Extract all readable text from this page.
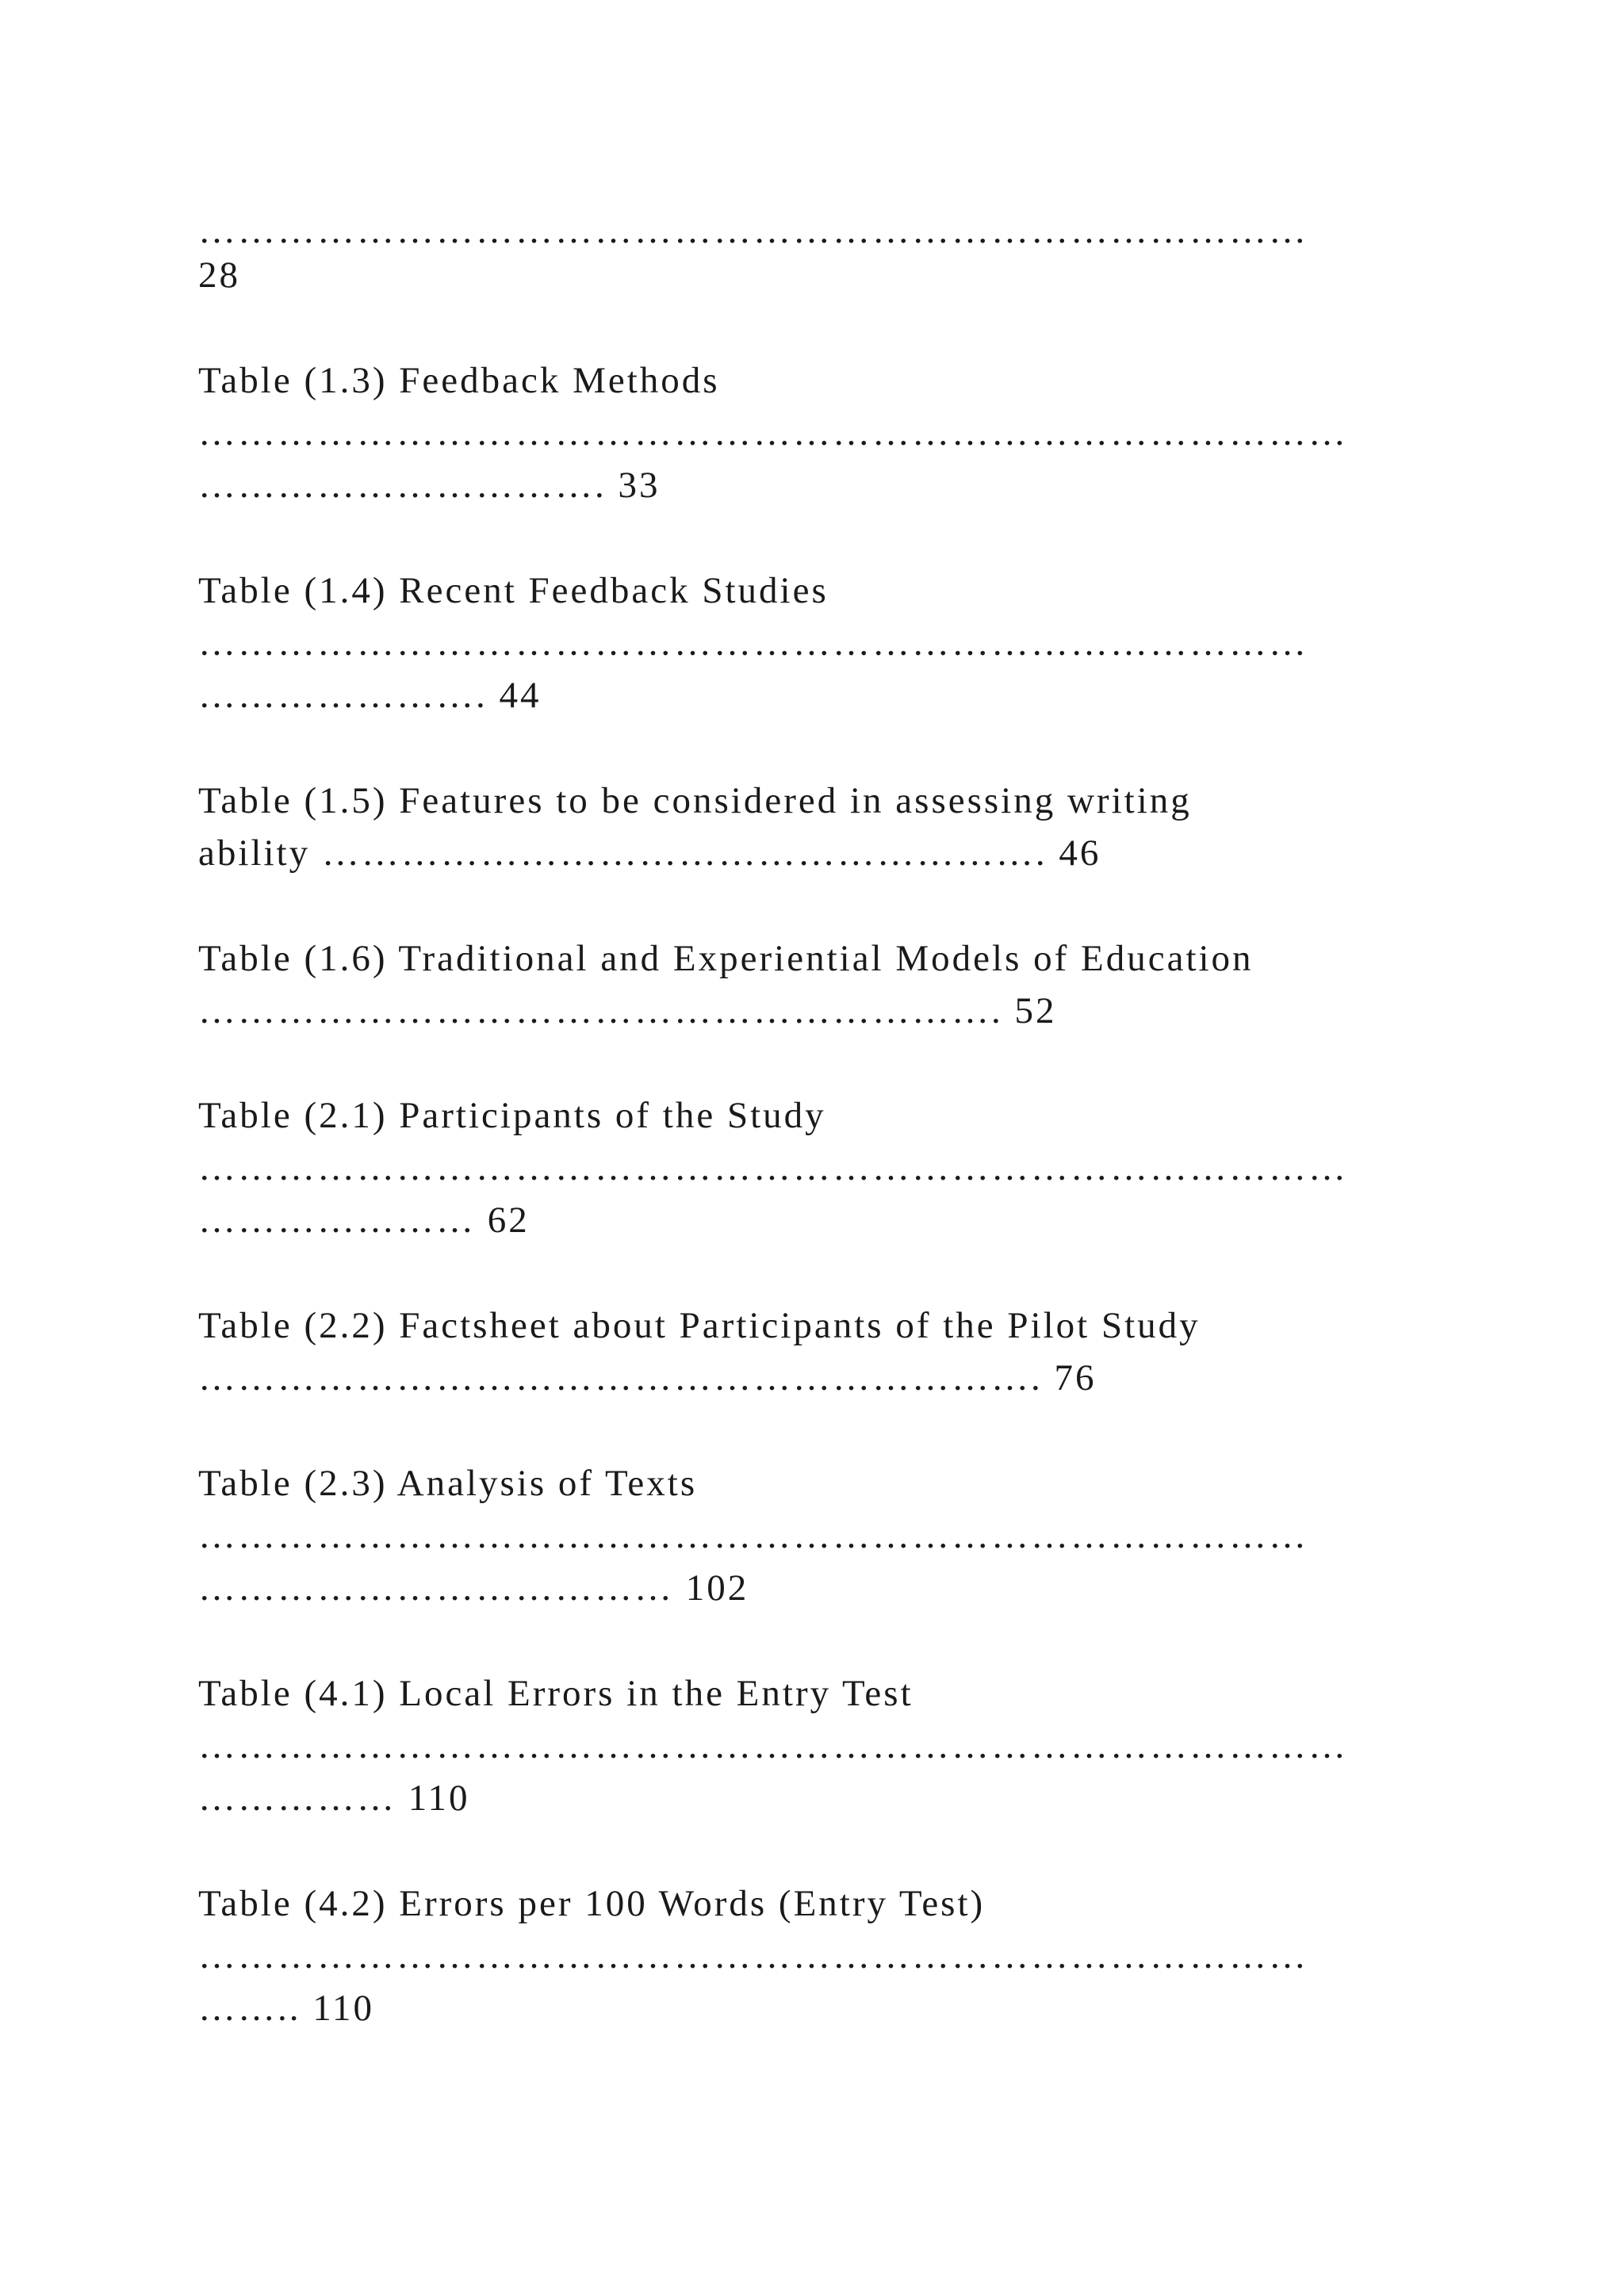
…………………………………………………………………………
28
Table (1.3) Feedback Methods
……………………………………………………………………………
…………………………. 33
Table (1.4) Recent Feedback Studies
…………………………………………………………………………
…………………. 44
Table (1.5) Features to be considered in assessing writing
ability ………………………………………………. 46
Table (1.6) Traditional and Experiential Models of Education
……………………………………………………. 52
Table (2.1) Participants of the Study
……………………………………………………………………………
………………… 62
Table (2.2) Factsheet about Participants of the Pilot Study
………………………………………………………. 76
Table (2.3) Analysis of Texts
…………………………………………………………………………
……………………………… 102
Table (4.1) Local Errors in the Entry Test
……………………………………………………………………………
…………… 110
Table (4.2) Errors per 100 Words (Entry Test)
…………………………………………………………………………
…….. 110
